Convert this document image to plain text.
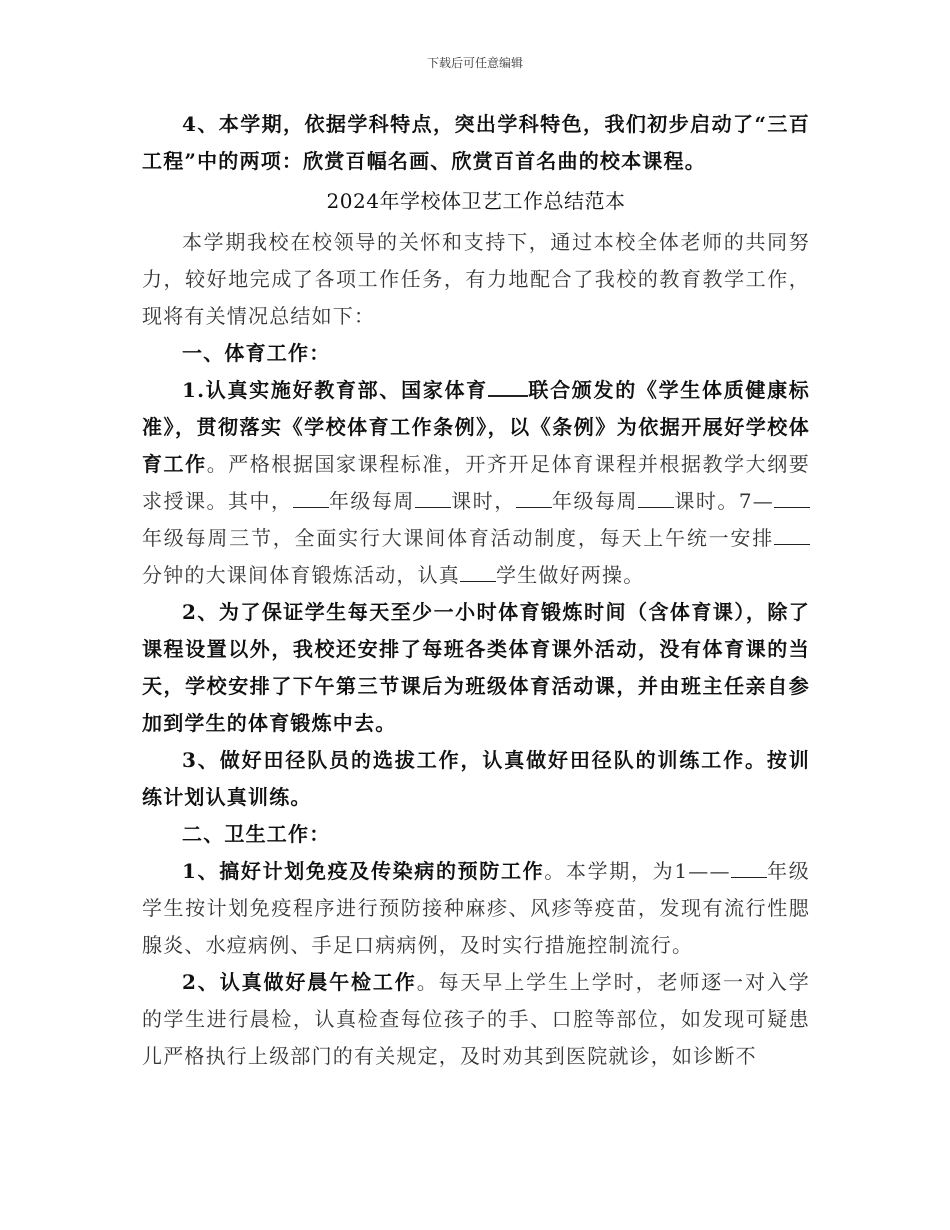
下载后可任意编辑

4、本学期，依据学科特点，突出学科特色，我们初步启动了“三百工程”中的两项：欣赏百幅名画、欣赏百首名曲的校本课程。

2024年学校体卫艺工作总结范本

本学期我校在校领导的关怀和支持下，通过本校全体老师的共同努力，较好地完成了各项工作任务，有力地配合了我校的教育教学工作，现将有关情况总结如下：

一、体育工作：

1.认真实施好教育部、国家体育 联合颁发的《学生体质健康标准》，贯彻落实《学校体育工作条例》，以《条例》为依据开展好学校体育工作。严格根据国家课程标准，开齐开足体育课程并根据教学大纲要求授课。其中， 年级每周 课时， 年级每周 课时。7—年级每周三节，全面实行大课间体育活动制度，每天上午统一安排分钟的大课间体育锻炼活动，认真 学生做好两操。

2、为了保证学生每天至少一小时体育锻炼时间（含体育课），除了课程设置以外，我校还安排了每班各类体育课外活动，没有体育课的当天，学校安排了下午第三节课后为班级体育活动课，并由班主任亲自参加到学生的体育锻炼中去。

3、做好田径队员的选拔工作，认真做好田径队的训练工作。按训练计划认真训练。

二、卫生工作：

1、搞好计划免疫及传染病的预防工作。本学期，为1—— 年级学生按计划免疫程序进行预防接种麻疹、风疹等疫苗，发现有流行性腮腺炎、水痘病例、手足口病病例，及时实行措施控制流行。

2、认真做好晨午检工作。每天早上学生上学时，老师逐一对入学的学生进行晨检，认真检查每位孩子的手、口腔等部位，如发现可疑患儿严格执行上级部门的有关规定，及时劝其到医院就诊，如诊断不
